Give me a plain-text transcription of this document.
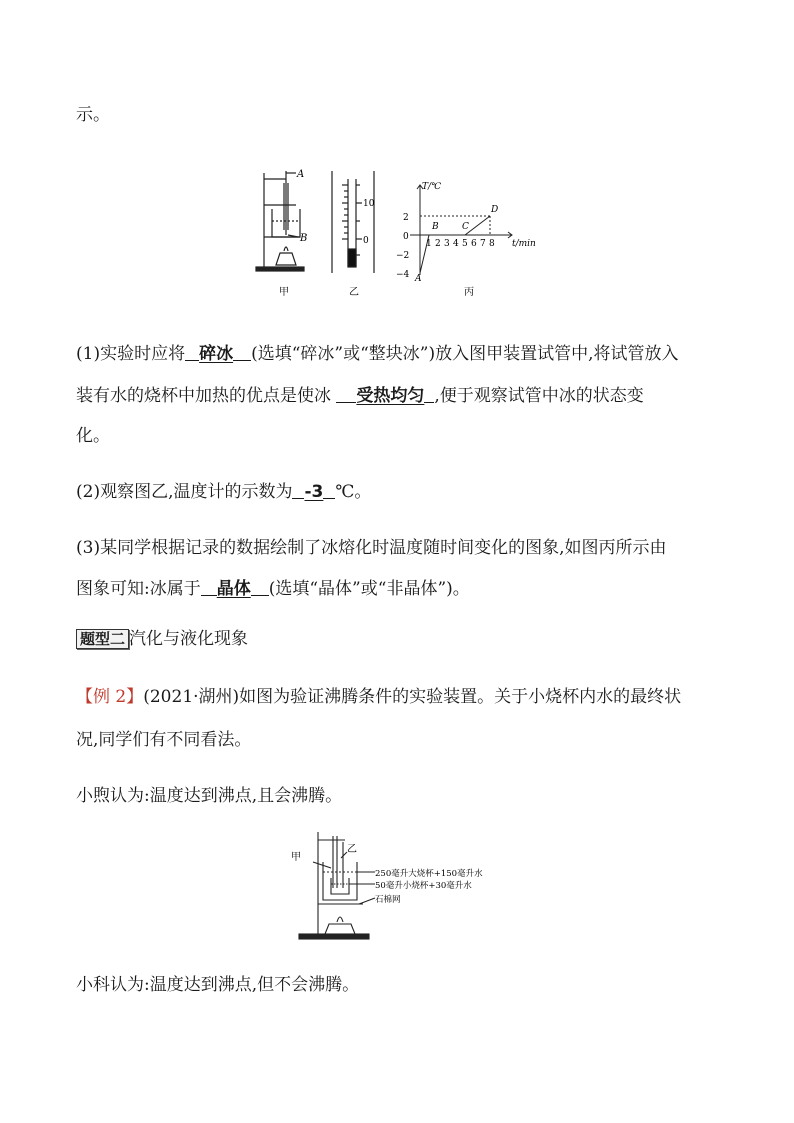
示。
A
B
甲
10
0
乙
T/℃
t/min
2
0
−2
−4
1 2 3 4 5 6 7 8
A
B	C
D
丙
(1)实验时应将 碎冰 (选填“碎冰”或“整块冰”)放入图甲装置试管中,将试管放入
装有水的烧杯中加热的优点是使冰 受热均匀 ,便于观察试管中冰的状态变
化。
(2)观察图乙,温度计的示数为 -3 ℃。
(3)某同学根据记录的数据绘制了冰熔化时温度随时间变化的图象,如图丙所示由
图象可知:冰属于 晶体 (选填“晶体”或“非晶体”)。
题型二 汽化与液化现象
【例 2】(2021·湖州)如图为验证沸腾条件的实验装置。关于小烧杯内水的最终状
况,同学们有不同看法。
小煦认为:温度达到沸点,且会沸腾。
甲
乙
250毫升大烧杯+150毫升水
50毫升小烧杯+30毫升水
石棉网
小科认为:温度达到沸点,但不会沸腾。
